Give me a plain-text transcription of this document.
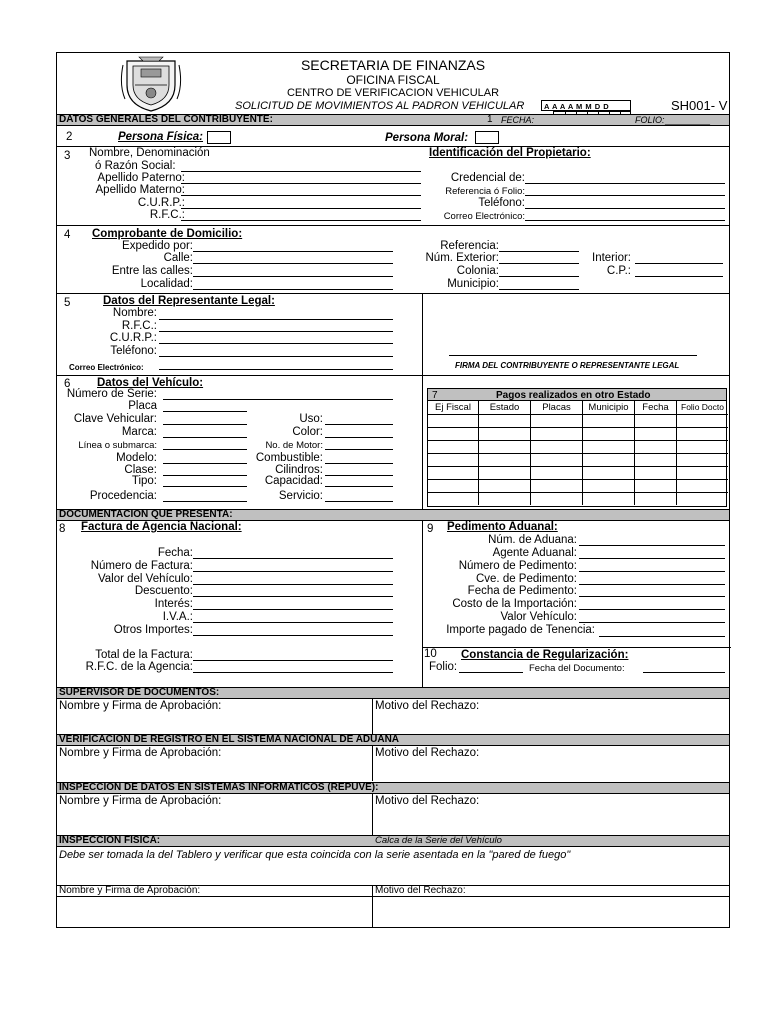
SECRETARIA DE FINANZAS
OFICINA FISCAL
CENTRO DE VERIFICACION VEHICULAR
SOLICITUD DE MOVIMIENTOS AL PADRON VEHICULAR	SH001- V
A A A A M M D D
DATOS GENERALES DEL CONTRIBUYENTE:	1 FECHA:	FOLIO: _________
2	Persona Física:	Persona Moral:
3 Nombre, Denominación
ó Razón Social:
Apellido Paterno:
Apellido Materno:
C.U.R.P.:
R.F.C.:
Identificación del Propietario:
Credencial de:
Referencia ó Folio:
Teléfono:
Correo Electrónico:
4 Comprobante de Domicilio:
Expedido por:
Calle:
Entre las calles:
Localidad:
Referencia:
Núm. Exterior:
Colonia:
Municipio:
Interior:
C.P.:
5	Datos del Representante Legal:
Nombre:
R.F.C.:
C.U.R.P.:
Teléfono:
Correo Electrónico:	FIRMA DEL CONTRIBUYENTE O REPRESENTANTE LEGAL
6 Datos del Vehículo:
Número de Serie:
Placa
Clave Vehicular:
Marca:
Línea o submarca:
Modelo:
Clase:
Tipo:
Procedencia:
Uso:
Color:
No. de Motor:
Combustible:
Cilindros:
Capacidad:
Servicio:
7	Pagos realizados en otro Estado
Ej Fiscal	Estado	Placas	Municipio	Fecha	Folio Docto
DOCUMENTACION QUE PRESENTA:
8 Factura de Agencia Nacional:
Fecha:
Número de Factura:
Valor del Vehículo:
Descuento:
Interés:
I.V.A.:
Otros Importes:
Total de la Factura:
R.F.C. de la Agencia:
9 Pedimento Aduanal:
Núm. de Aduana:
Agente Aduanal:
Número de Pedimento:
Cve. de Pedimento:
Fecha de Pedimento:
Costo de la Importación:
Valor Vehículo:
Importe pagado de Tenencia:
10 Constancia de Regularización:
Folio:	Fecha del Documento:
SUPERVISOR DE DOCUMENTOS:
Nombre y Firma de Aprobación:	Motivo del Rechazo:
VERIFICACION DE REGISTRO EN EL SISTEMA NACIONAL DE ADUANA
Nombre y Firma de Aprobación:	Motivo del Rechazo:
INSPECCION DE DATOS EN SISTEMAS INFORMATICOS (REPUVE):
Nombre y Firma de Aprobación:	Motivo del Rechazo:
INSPECCION FISICA:	Calca de la Serie del Vehículo
Debe ser tomada la del Tablero y verificar que esta coincida con la serie asentada en la "pared de fuego"
Nombre y Firma de Aprobación:	Motivo del Rechazo:
